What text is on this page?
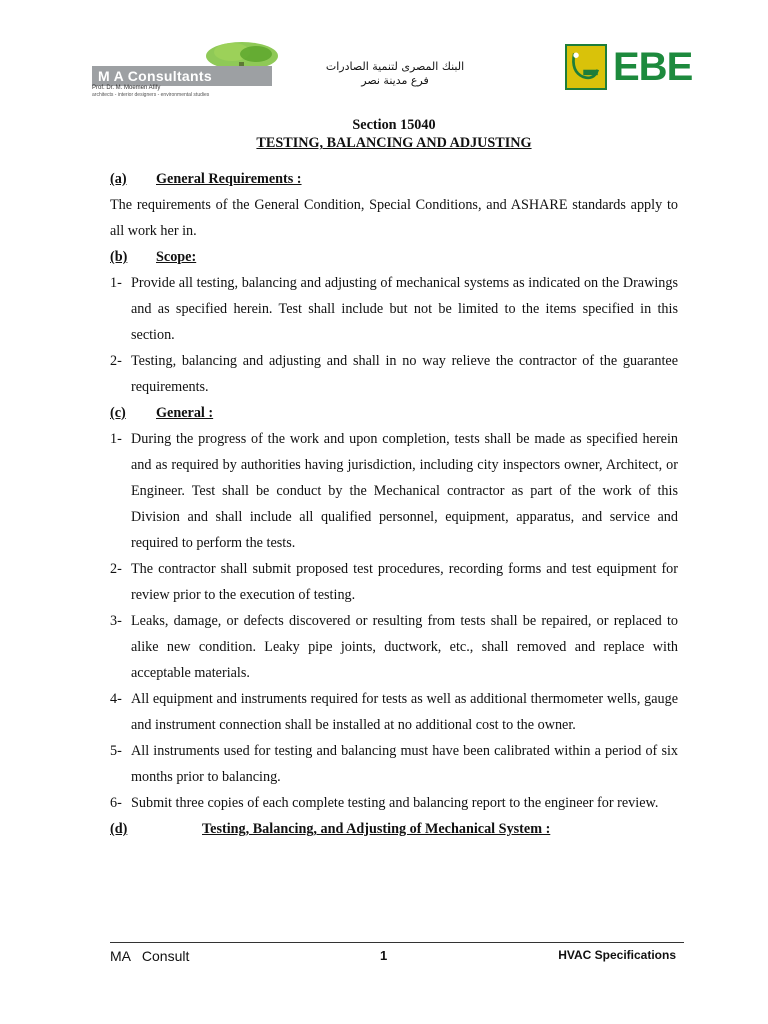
M A Consultants
Prof. Dr. M. Moemen Afify
architects - interior designers - environmental studies
البنك المصرى لتنمية الصادرات
فرع مدينة نصر	EBE
Section 15040
TESTING, BALANCING AND ADJUSTING
(a) General Requirements :
The requirements of the General Condition, Special Conditions, and ASHARE standards apply to all work her in.
(b) Scope:
1- Provide all testing, balancing and adjusting of mechanical systems as indicated on the Drawings and as specified herein. Test shall include but not be limited to the items specified in this section.
2- Testing, balancing and adjusting and shall in no way relieve the contractor of the guarantee requirements.
(c) General :
1- During the progress of the work and upon completion, tests shall be made as specified herein and as required by authorities having jurisdiction, including city inspectors owner, Architect, or Engineer. Test shall be conduct by the Mechanical contractor as part of the work of this Division and shall include all qualified personnel, equipment, apparatus, and service and required to perform the tests.
2- The contractor shall submit proposed test procedures, recording forms and test equipment for review prior to the execution of testing.
3- Leaks, damage, or defects discovered or resulting from tests shall be repaired, or replaced to alike new condition. Leaky pipe joints, ductwork, etc., shall removed and replace with acceptable materials.
4- All equipment and instruments required for tests as well as additional thermometer wells, gauge and instrument connection shall be installed at no additional cost to the owner.
5- All instruments used for testing and balancing must have been calibrated within a period of six months prior to balancing.
6- Submit three copies of each complete testing and balancing report to the engineer for review.
(d)	Testing, Balancing, and Adjusting of Mechanical System :
MA   Consult	1	HVAC Specifications
